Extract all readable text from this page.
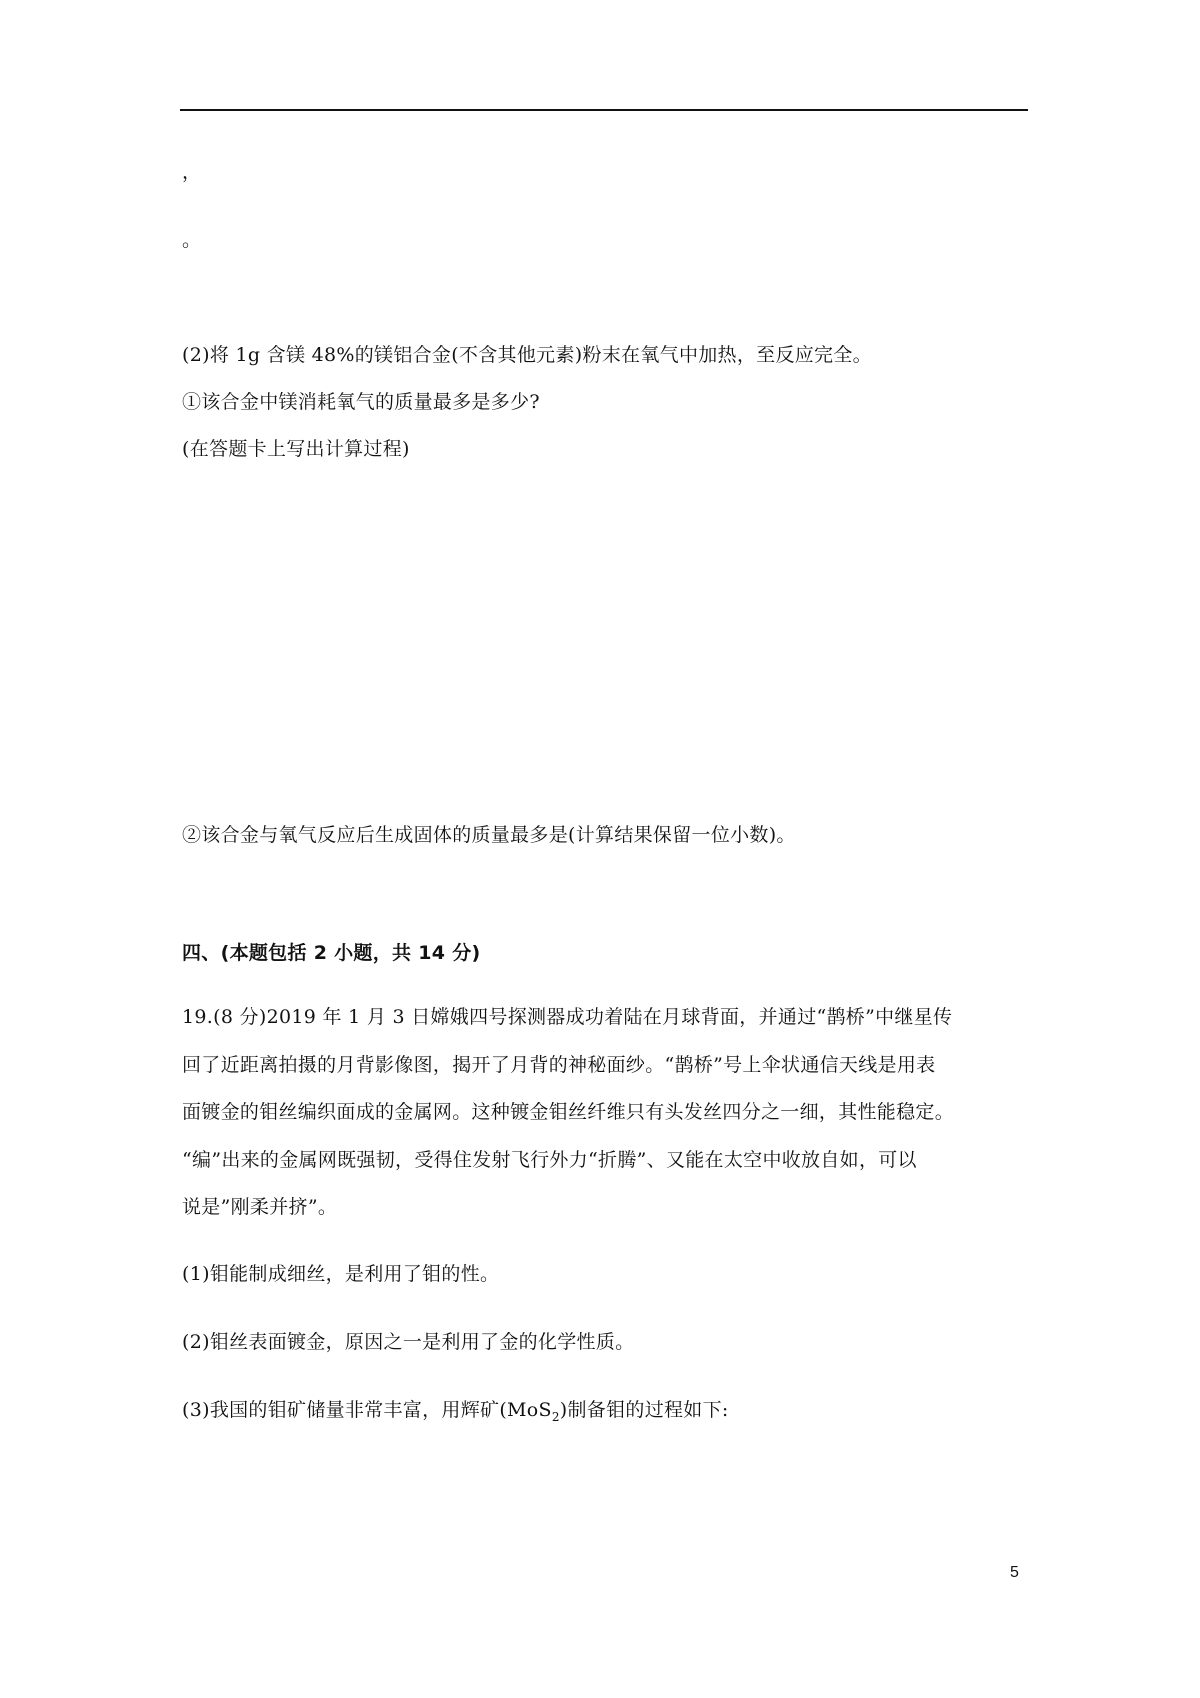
，
。
(2)将 1g 含镁 48%的镁铝合金(不含其他元素)粉末在氧气中加热，至反应完全。
①该合金中镁消耗氧气的质量最多是多少?
(在答题卡上写出计算过程)
②该合金与氧气反应后生成固体的质量最多是(计算结果保留一位小数)。
四、(本题包括 2 小题，共 14 分)
19.(8 分)2019 年 1 月 3 日嫦娥四号探测器成功着陆在月球背面，并通过“鹊桥”中继星传
回了近距离拍摄的月背影像图，揭开了月背的神秘面纱。“鹊桥”号上伞状通信天线是用表
面镀金的钼丝编织面成的金属网。这种镀金钼丝纤维只有头发丝四分之一细，其性能稳定。
“编”出来的金属网既强韧，受得住发射飞行外力“折腾”、又能在太空中收放自如，可以
说是”刚柔并挤”。
(1)钼能制成细丝，是利用了钼的性。
(2)钼丝表面镀金，原因之一是利用了金的化学性质。
(3)我国的钼矿储量非常丰富，用辉矿(MoS$_2$)制备钼的过程如下:
5
